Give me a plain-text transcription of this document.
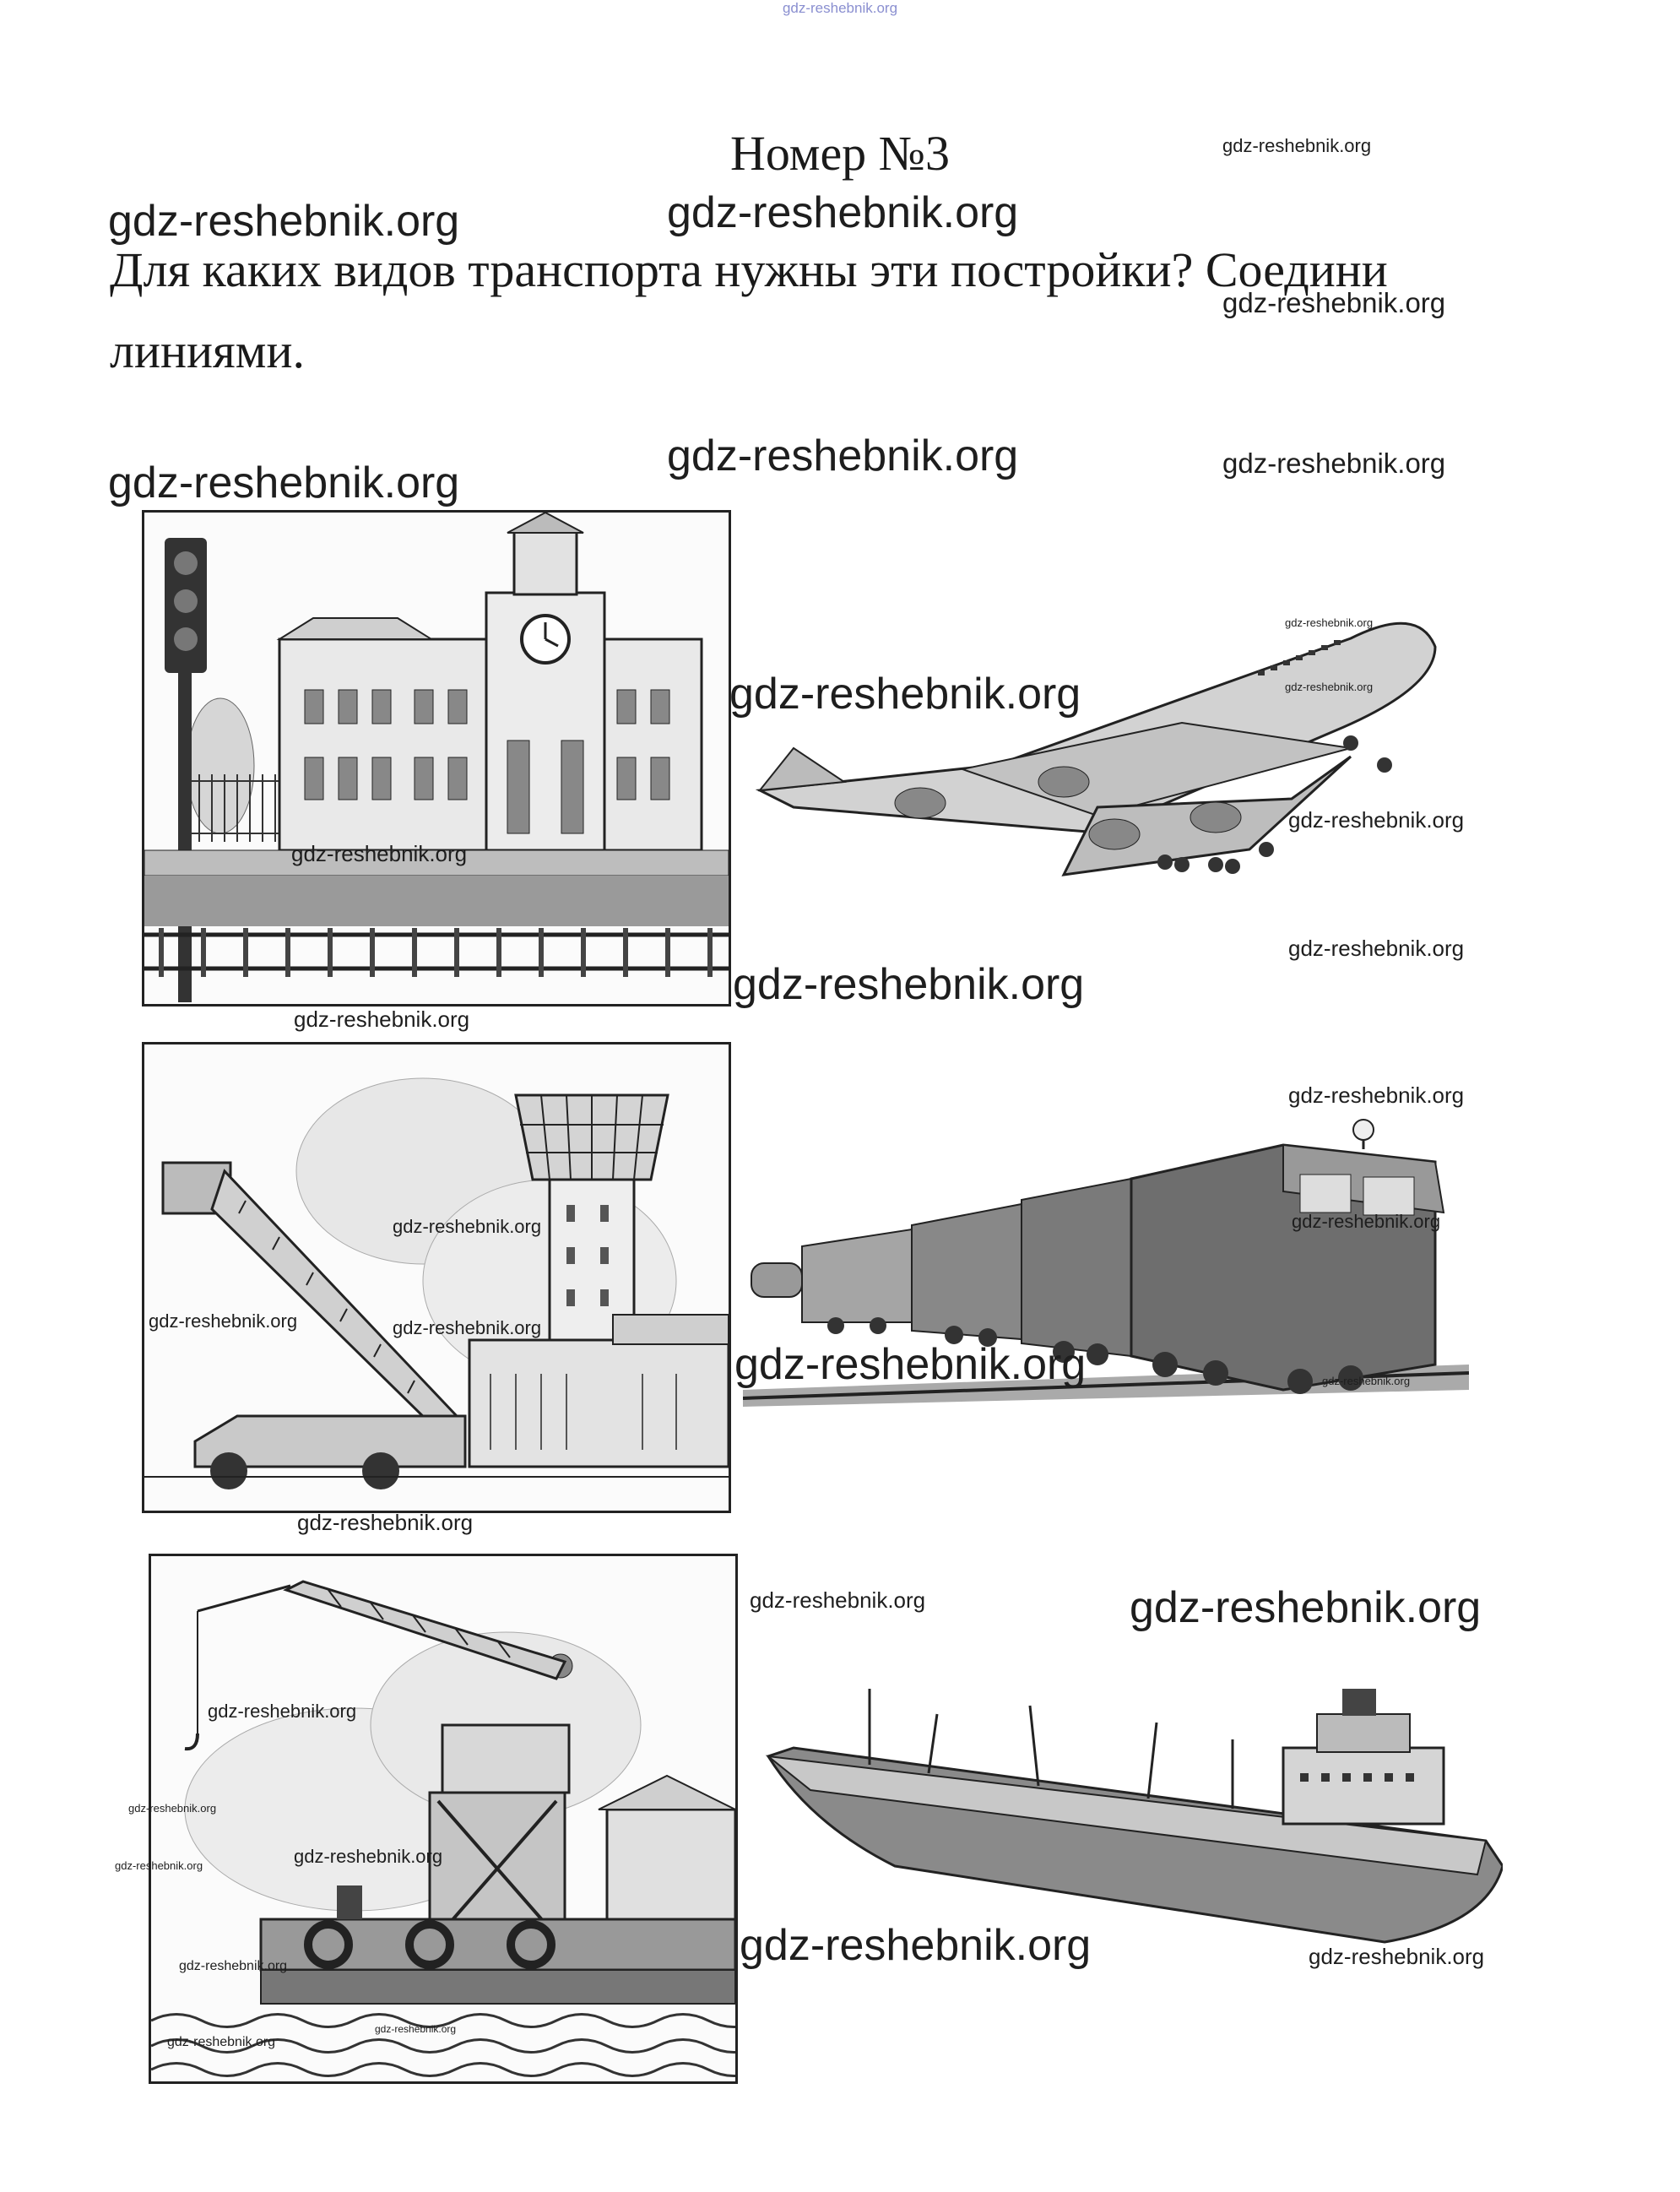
gdz-reshebnik.org
gdz-reshebnik.org
gdz-reshebnik.org	gdz-reshebnik.org
gdz-reshebnik.org
gdz-reshebnik.org
gdz-reshebnik.org	gdz-reshebnik.org
Номер №3
Для каких видов транспорта нужны эти постройки? Соедини линиями.
gdz-reshebnik.org
gdz-reshebnik.org
gdz-reshebnik.org
gdz-reshebnik.org
gdz-reshebnik.org
gdz-reshebnik.org
gdz-reshebnik.org
gdz-reshebnik.org
gdz-reshebnik.org
gdz-reshebnik.org
gdz-reshebnik.org	gdz-reshebnik.org
gdz-reshebnik.org
gdz-reshebnik.org
gdz-reshebnik.org
gdz-reshebnik.org
gdz-reshebnik.org	gdz-reshebnik.org
gdz-reshebnik.org
gdz-reshebnik.org
gdz-reshebnik.org	gdz-reshebnik.org
gdz-reshebnik.org
gdz-reshebnik.org
gdz-reshebnik.org
gdz-reshebnik.org	gdz-reshebnik.org
